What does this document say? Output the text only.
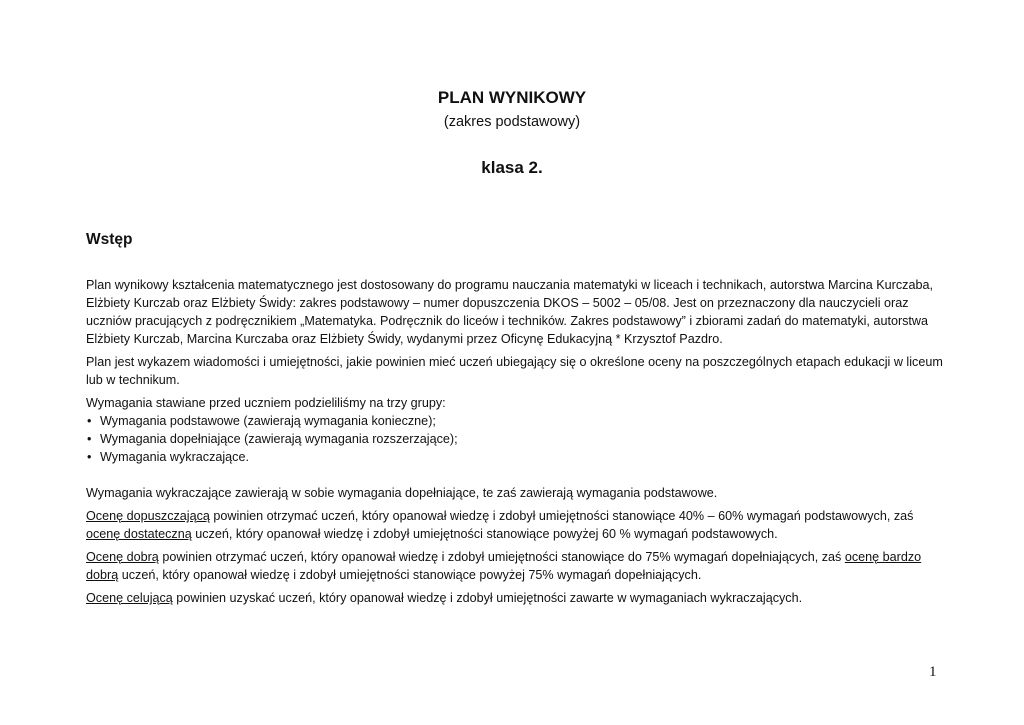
PLAN WYNIKOWY
(zakres podstawowy)
klasa 2.
Wstęp

Plan wynikowy kształcenia matematycznego jest dostosowany do programu nauczania matematyki w liceach i technikach, autorstwa Marcina Kurczaba, Elżbiety Kurczab oraz Elżbiety Świdy: zakres podstawowy – numer dopuszczenia DKOS – 5002 – 05/08. Jest on przeznaczony dla nauczycieli oraz uczniów pracujących z podręcznikiem „Matematyka. Podręcznik do liceów i techników. Zakres podstawowy” i zbiorami zadań do matematyki, autorstwa Elżbiety Kurczab, Marcina Kurczaba oraz Elżbiety Świdy, wydanymi przez Oficynę Edukacyjną * Krzysztof Pazdro.

Plan jest wykazem wiadomości i umiejętności, jakie powinien mieć uczeń ubiegający się o określone oceny na poszczególnych etapach edukacji w liceum lub w technikum.

Wymagania stawiane przed uczniem podzieliliśmy na trzy grupy:
• Wymagania podstawowe (zawierają wymagania konieczne);
• Wymagania dopełniające (zawierają wymagania rozszerzające);
• Wymagania wykraczające.

Wymagania wykraczające zawierają w sobie wymagania dopełniające, te zaś zawierają wymagania podstawowe.

Ocenę dopuszczającą powinien otrzymać uczeń, który opanował wiedzę i zdobył umiejętności stanowiące 40% – 60% wymagań podstawowych, zaś ocenę dostateczną uczeń, który opanował wiedzę i zdobył umiejętności stanowiące powyżej 60 % wymagań podstawowych.

Ocenę dobrą powinien otrzymać uczeń, który opanował wiedzę i zdobył umiejętności stanowiące do 75% wymagań dopełniających, zaś ocenę bardzo dobrą uczeń, który opanował wiedzę i zdobył umiejętności stanowiące powyżej 75% wymagań dopełniających.

Ocenę celującą powinien uzyskać uczeń, który opanował wiedzę i zdobył umiejętności zawarte w wymaganiach wykraczających.

1
